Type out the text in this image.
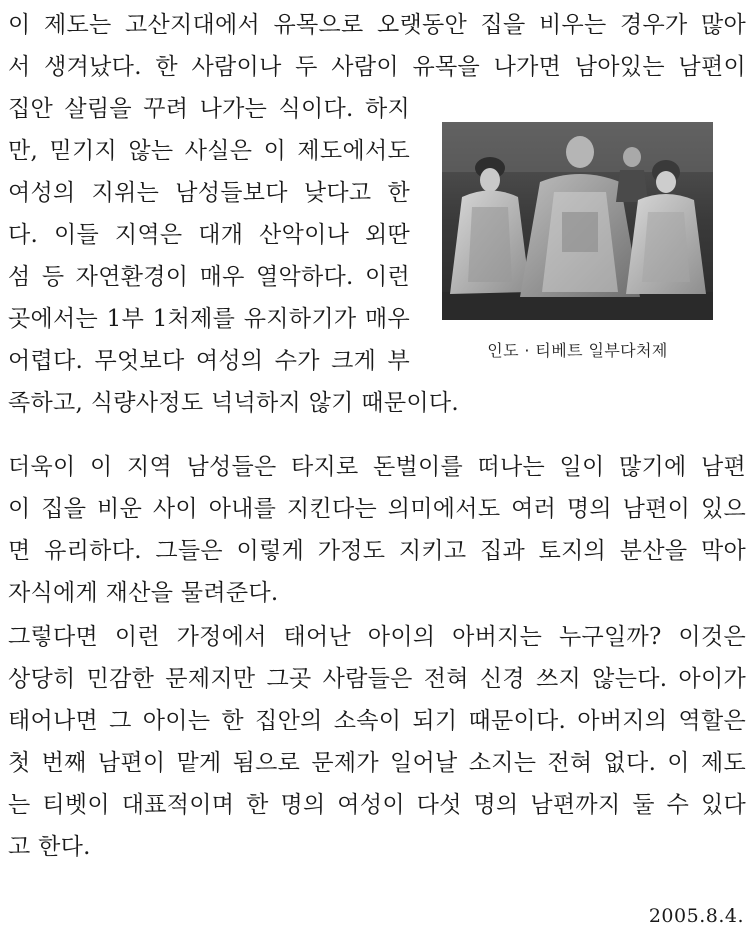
이 제도는 고산지대에서 유목으로 오랫동안 집을 비우는 경우가 많아
서 생겨났다. 한 사람이나 두 사람이 유목을 나가면 남아있는 남편이
집안 살림을 꾸려 나가는 식이다. 하지
만, 믿기지 않는 사실은 이 제도에서도
여성의 지위는 남성들보다 낮다고 한
다. 이들 지역은 대개 산악이나 외딴
섬 등 자연환경이 매우 열악하다. 이런
곳에서는 1부 1처제를 유지하기가 매우
어렵다. 무엇보다 여성의 수가 크게 부
족하고, 식량사정도 넉넉하지 않기 때문이다.
인도 · 티베트 일부다처제
더욱이 이 지역 남성들은 타지로 돈벌이를 떠나는 일이 많기에 남편
이 집을 비운 사이 아내를 지킨다는 의미에서도 여러 명의 남편이 있으
면 유리하다. 그들은 이렇게 가정도 지키고 집과 토지의 분산을 막아
자식에게 재산을 물려준다.
그렇다면 이런 가정에서 태어난 아이의 아버지는 누구일까? 이것은
상당히 민감한 문제지만 그곳 사람들은 전혀 신경 쓰지 않는다. 아이가
태어나면 그 아이는 한 집안의 소속이 되기 때문이다. 아버지의 역할은
첫 번째 남편이 맡게 됨으로 문제가 일어날 소지는 전혀 없다. 이 제도
는 티벳이 대표적이며 한 명의 여성이 다섯 명의 남편까지 둘 수 있다
고 한다.
2005.8.4.
